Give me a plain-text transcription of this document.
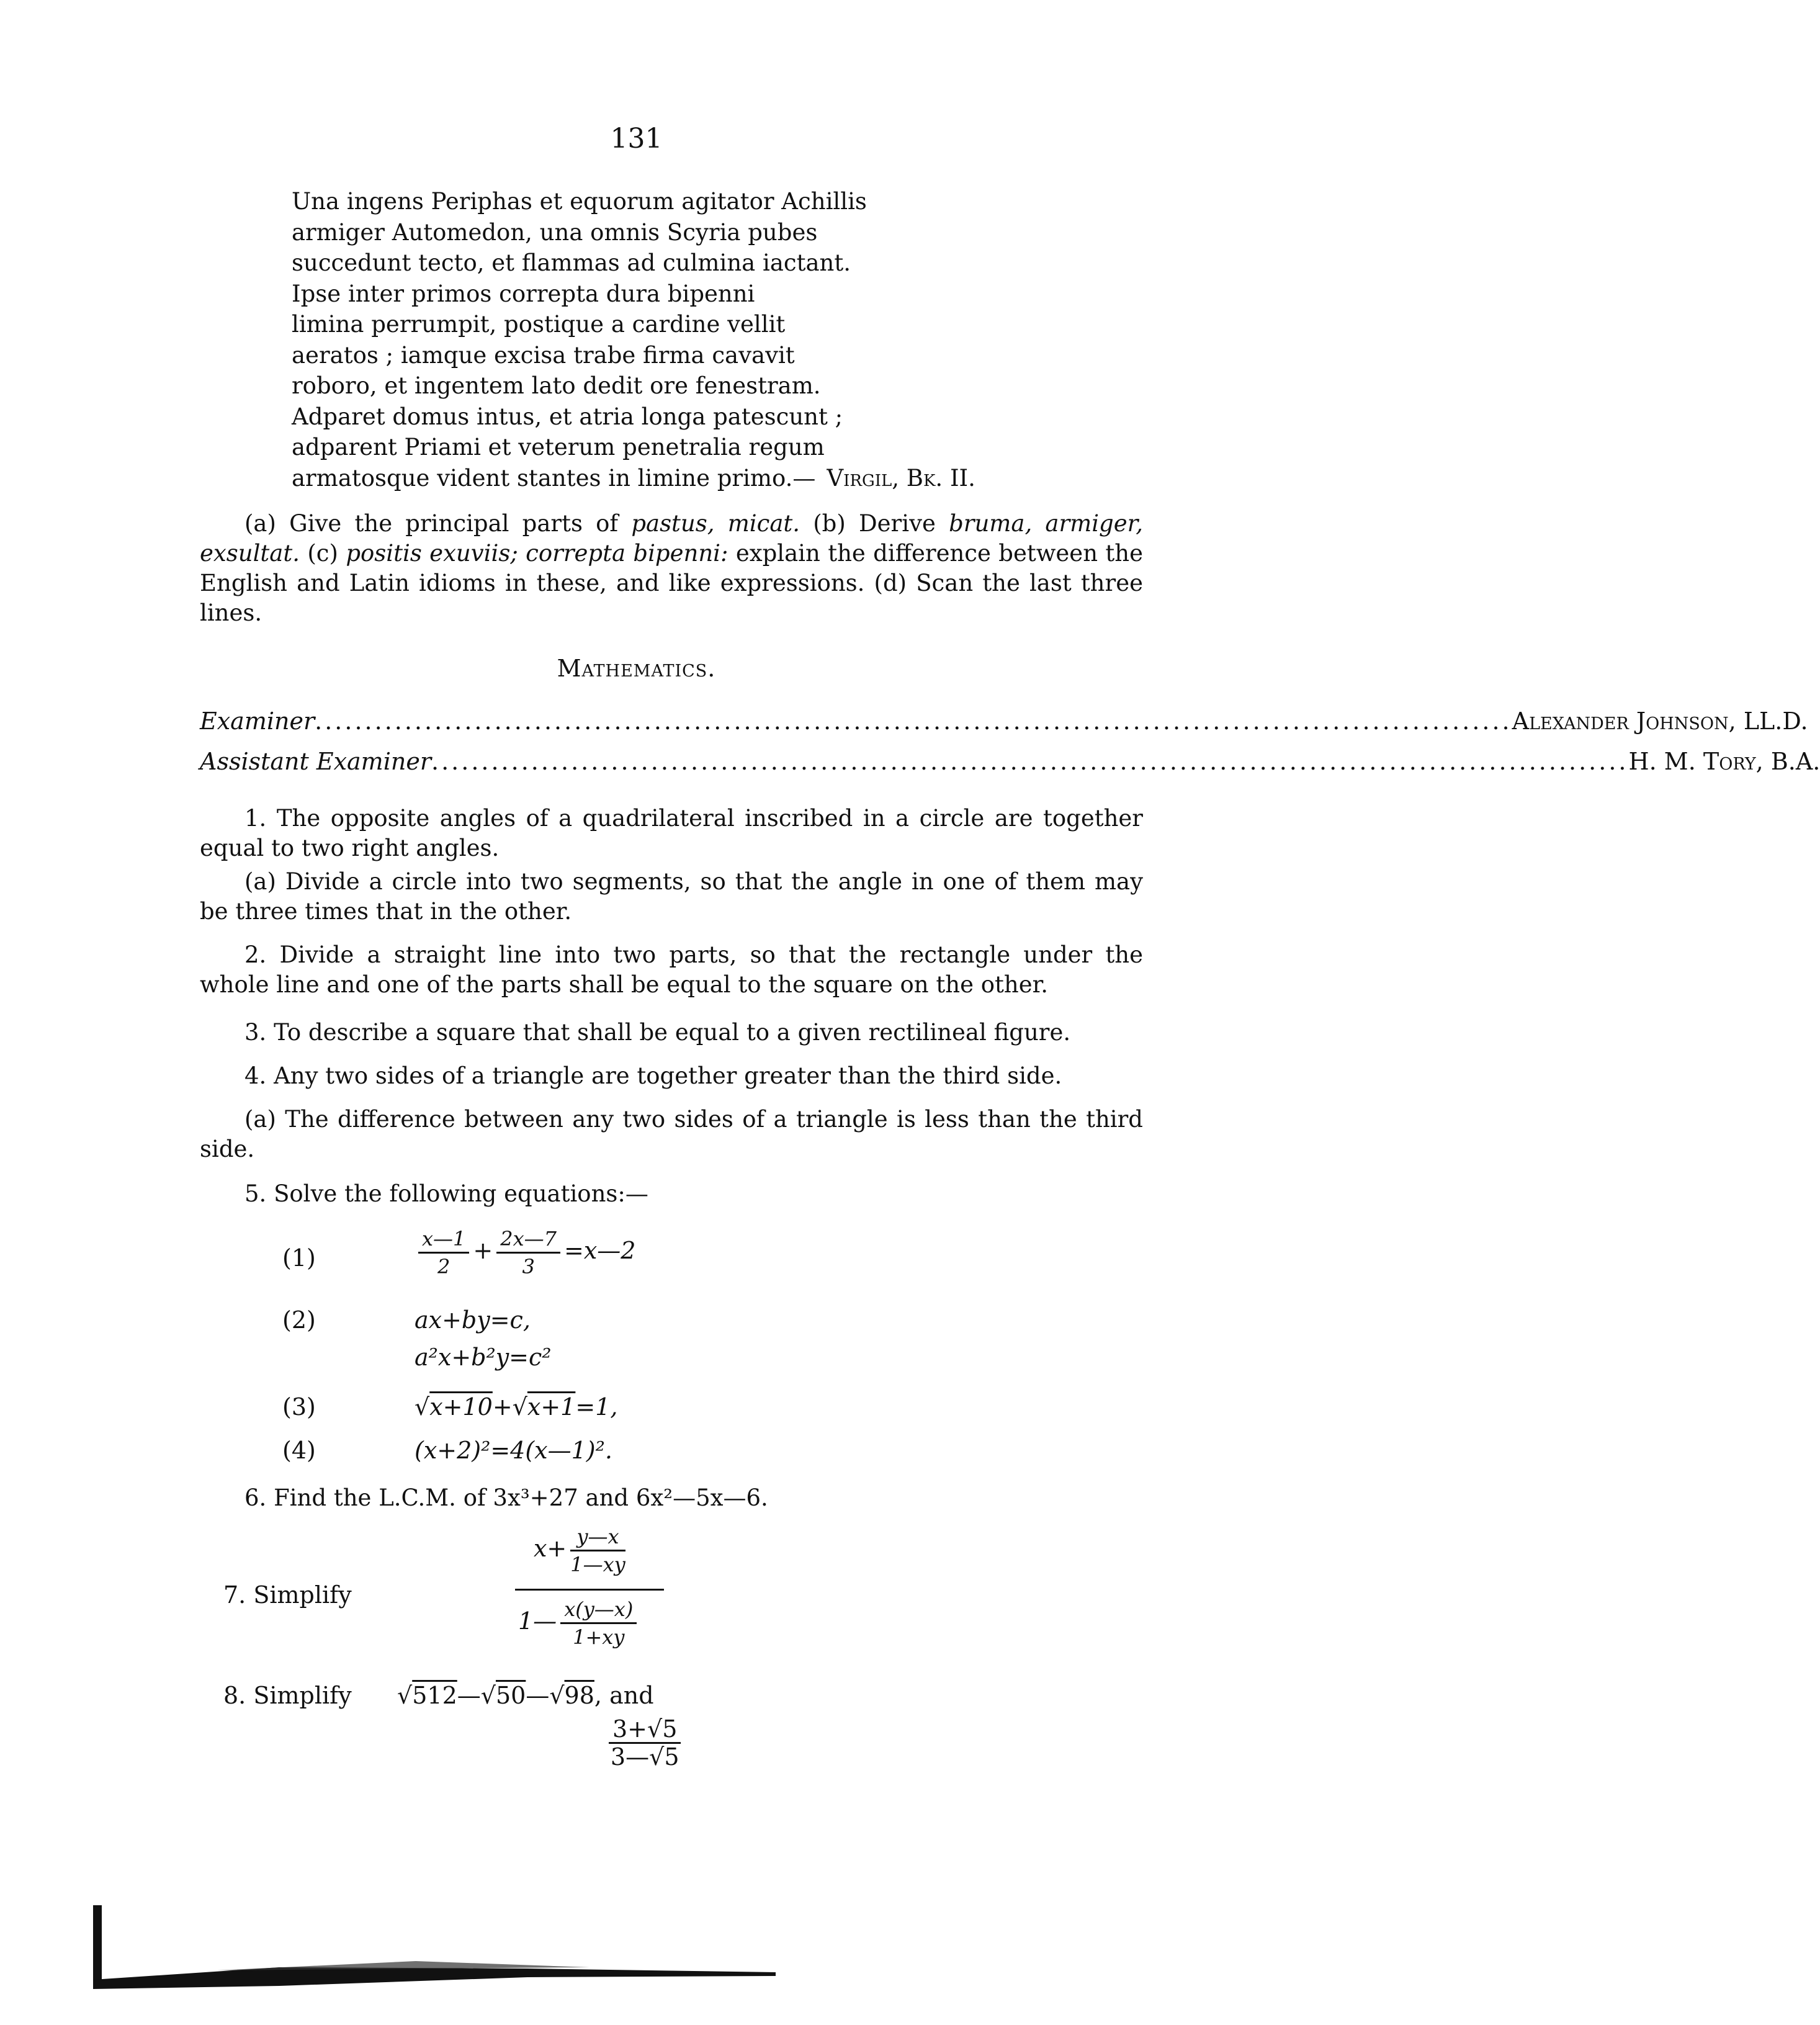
131
Una ingens Periphas et equorum agitator Achillis
armiger Automedon, una omnis Scyria pubes
succedunt tecto, et flammas ad culmina iactant.
Ipse inter primos correpta dura bipenni
limina perrumpit, postique a cardine vellit
aeratos ; iamque excisa trabe firma cavavit
roboro, et ingentem lato dedit ore fenestram.
Adparet domus intus, et atria longa patescunt ;
adparent Priami et veterum penetralia regum
armatosque vident stantes in limine primo.— Virgil, Bk. II.

(a) Give the principal parts of pastus, micat. (b) Derive bruma, armiger, exsultat. (c) positis exuviis; correpta bipenni: explain the difference between the English and Latin idioms in these, and like expressions. (d) Scan the last three lines.

Mathematics.
Examiner ........................................................................................................................ Alexander Johnson, LL.D.
Assistant Examiner ........................................................................................................................ H. M. Tory, B.A.

1. The opposite angles of a quadrilateral inscribed in a circle are together equal to two right angles.

(a) Divide a circle into two segments, so that the angle in one of them may be three times that in the other.

2. Divide a straight line into two parts, so that the rectangle under the whole line and one of the parts shall be equal to the square on the other.

3. To describe a square that shall be equal to a given rectilineal figure.

4. Any two sides of a triangle are together greater than the third side.

(a) The difference between any two sides of a triangle is less than the third side.

5. Solve the following equations:—

(1)	$\frac{x—1}{2} + \frac{2x—7}{3}$ =x—2
(2)	ax+by=c,
a²x+b²y=c²
(3)	√x+10+√x+1=1,
(4)	(x+2)²=4(x—1)².

6. Find the L.C.M. of 3x³+27 and 6x²—5x—6.

7. Simplify
$x+ \frac{y—x}{1—xy}$
1— $\frac{x(y—x)}{1+xy}$
8. Simplify √512—√50—√98, and
$\frac{3+√5}{3—√5}$
